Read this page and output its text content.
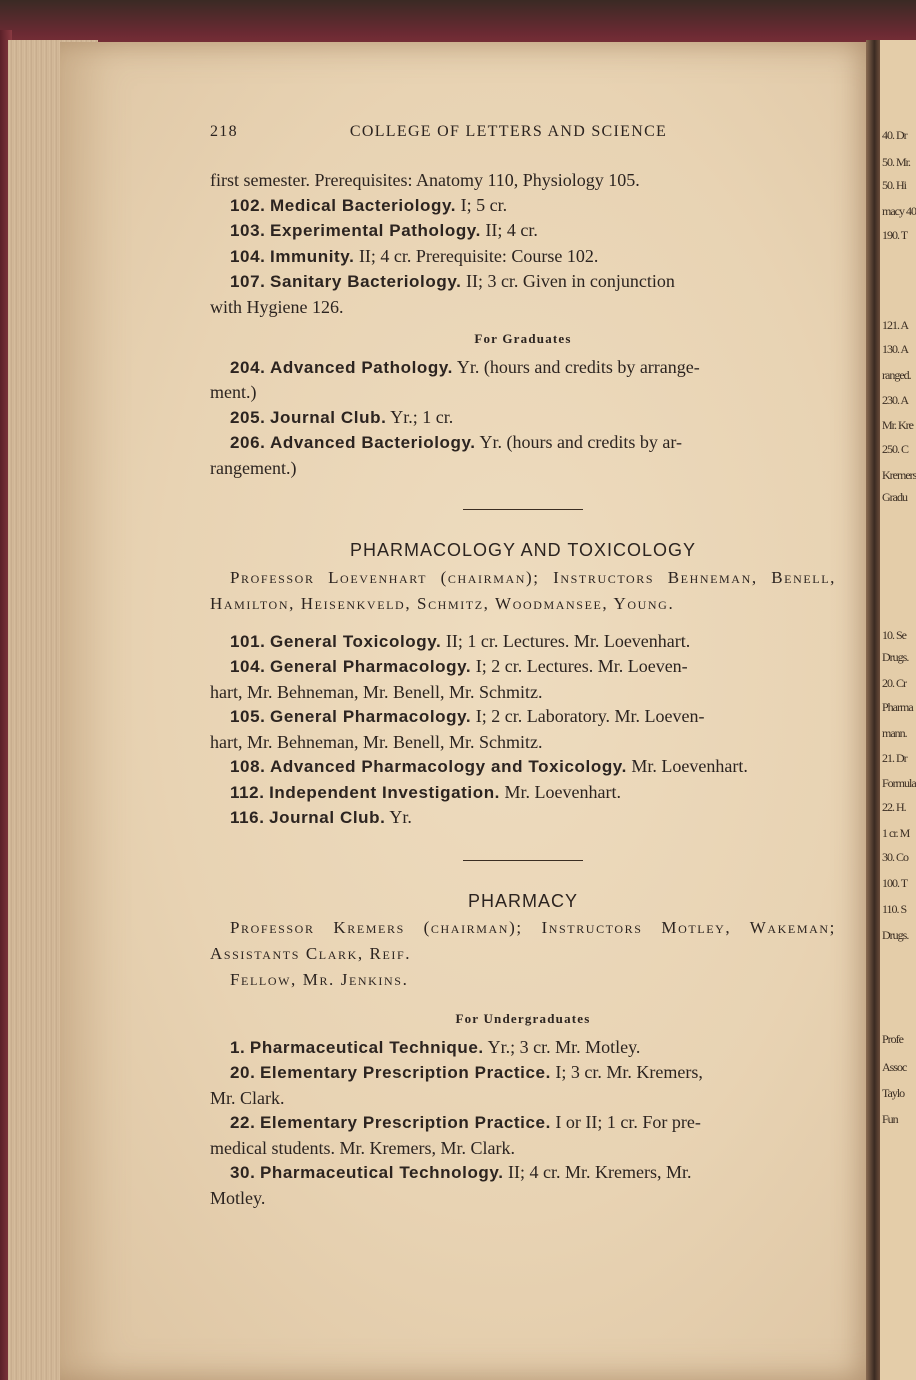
40. Dr
50. Mr.
50. Hi
macy 40
190. T
121. A
130. A
ranged.
230. A
Mr. Kre
250. C
Kremers
Gradu
10. Se
Drugs.
20. Cr
Pharma
mann.
21. Dr
Formula
22. H.
1 cr. M
30. Co
100. T
110. S
Drugs.
Profe
Assoc
Taylo
Fun
218	COLLEGE OF LETTERS AND SCIENCE

first semester. Prerequisites: Anatomy 110, Physiology 105.

102. Medical Bacteriology. I; 5 cr.

103. Experimental Pathology. II; 4 cr.

104. Immunity. II; 4 cr. Prerequisite: Course 102.

107. Sanitary Bacteriology. II; 3 cr. Given in conjunction

with Hygiene 126.

For Graduates

204. Advanced Pathology. Yr. (hours and credits by arrange-

ment.)

205. Journal Club. Yr.; 1 cr.

206. Advanced Bacteriology. Yr. (hours and credits by ar-

rangement.)

PHARMACOLOGY AND TOXICOLOGY

Professor Loevenhart (chairman); Instructors Behneman, Benell, Hamilton, Heisenkveld, Schmitz, Woodmansee, Young.

101. General Toxicology. II; 1 cr. Lectures. Mr. Loevenhart.

104. General Pharmacology. I; 2 cr. Lectures. Mr. Loeven-

hart, Mr. Behneman, Mr. Benell, Mr. Schmitz.

105. General Pharmacology. I; 2 cr. Laboratory. Mr. Loeven-

hart, Mr. Behneman, Mr. Benell, Mr. Schmitz.

108. Advanced Pharmacology and Toxicology. Mr. Loevenhart.

112. Independent Investigation. Mr. Loevenhart.

116. Journal Club. Yr.

PHARMACY

Professor Kremers (chairman); Instructors Motley, Wakeman; Assistants Clark, Reif.

Fellow, Mr. Jenkins.

For Undergraduates

1. Pharmaceutical Technique. Yr.; 3 cr. Mr. Motley.

20. Elementary Prescription Practice. I; 3 cr. Mr. Kremers,

Mr. Clark.

22. Elementary Prescription Practice. I or II; 1 cr. For pre-

medical students. Mr. Kremers, Mr. Clark.

30. Pharmaceutical Technology. II; 4 cr. Mr. Kremers, Mr.

Motley.
